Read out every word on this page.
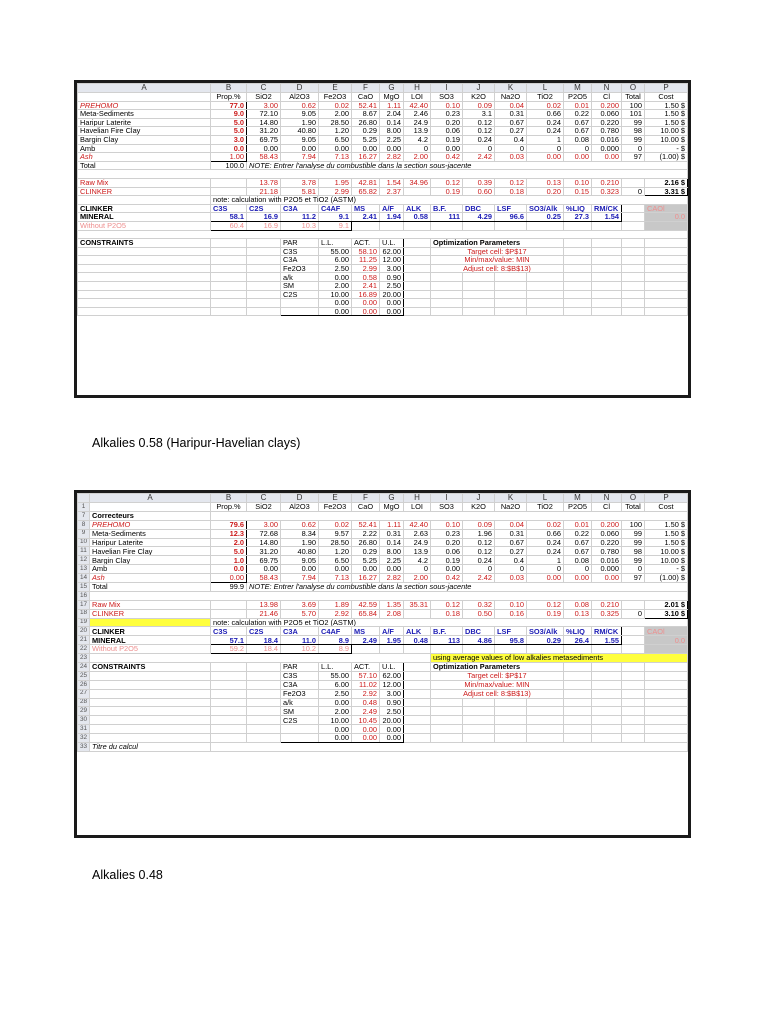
A	B	C	D	E	F	G	H	I	J	K	L	M	N	O	P
	Prop.%	SiO2	Al2O3	Fe2O3	CaO	MgO	LOI	SO3	K2O	Na2O	TiO2	P2O5	Cl	Total	Cost
PREHOMO	77.0	3.00	0.62	0.02	52.41	1.11	42.40	0.10	0.09	0.04	0.02	0.01	0.200	100	1.50 $
Meta-Sediments	9.0	72.10	9.05	2.00	8.67	2.04	2.46	0.23	3.1	0.31	0.66	0.22	0.060	101	1.50 $
Haripur Laterite	5.0	14.80	1.90	28.50	26.80	0.14	24.9	0.20	0.12	0.67	0.24	0.67	0.220	99	1.50 $
Havelian Fire Clay	5.0	31.20	40.80	1.20	0.29	8.00	13.9	0.06	0.12	0.27	0.24	0.67	0.780	98	10.00 $
Bargin Clay	3.0	69.75	9.05	6.50	5.25	2.25	4.2	0.19	0.24	0.4	1	0.08	0.016	99	10.00 $
Amb	0.0	0.00	0.00	0.00	0.00	0.00	0	0.00	0	0	0	0	0.000	0	- $
Ash	1.00	58.43	7.94	7.13	16.27	2.82	2.00	0.42	2.42	0.03	0.00	0.00	0.00	97	(1.00) $
Total	100.0	NOTE: Entrer l'analyse du combustible dans la section sous-jacente													

Raw Mix		13.78	3.78	1.95	42.81	1.54	34.96	0.12	0.39	0.12	0.13	0.10	0.210		2.16 $
CLINKER		21.18	5.81	2.99	65.82	2.37		0.19	0.60	0.18	0.20	0.15	0.323	0	3.31 $
	note: calculation with P2O5 et TiO2 (ASTM)														
CLINKER	C3S	C2S	C3A	C4AF	MS	A/F	ALK	B.F.	DBC	LSF	SO3/Alk	%LIQ	RM/CK		CAOl
MINERAL	58.1	16.9	11.2	9.1	2.41	1.94	0.58	111	4.29	96.6	0.25	27.3	1.54		0.0
Without P2O5	60.4	16.9	10.3	9.1											

CONSTRAINTS			PAR	L.L.	ACT.	U.L.		Optimization Parameters							
			C3S	55.00	58.10	62.00		Target cell: $P$17							
			C3A	6.00	11.25	12.00		Min/max/value: MIN							
			Fe2O3	2.50	2.99	3.00		Adjust cell: 8:$B$13)							
			a/k	0.00	0.58	0.90									
			SM	2.00	2.41	2.50									
			C2S	10.00	16.89	20.00									
				0.00	0.00	0.00									
				0.00	0.00	0.00									
Alkalies 0.58 (Haripur-Havelian clays)
	A	B	C	D	E	F	G	H	I	J	K	L	M	N	O	P
1		Prop.%	SiO2	Al2O3	Fe2O3	CaO	MgO	LOI	SO3	K2O	Na2O	TiO2	P2O5	Cl	Total	Cost
7	Correcteurs															
8	PREHOMO	79.6	3.00	0.62	0.02	52.41	1.11	42.40	0.10	0.09	0.04	0.02	0.01	0.200	100	1.50 $
9	Meta-Sediments	12.3	72.68	8.34	9.57	2.22	0.31	2.63	0.23	1.96	0.31	0.66	0.22	0.060	99	1.50 $
10	Haripur Laterite	2.0	14.80	1.90	28.50	26.80	0.14	24.9	0.20	0.12	0.67	0.24	0.67	0.220	99	1.50 $
11	Havelian Fire Clay	5.0	31.20	40.80	1.20	0.29	8.00	13.9	0.06	0.12	0.27	0.24	0.67	0.780	98	10.00 $
12	Bargin Clay	1.0	69.75	9.05	6.50	5.25	2.25	4.2	0.19	0.24	0.4	1	0.08	0.016	99	10.00 $
13	Amb	0.0	0.00	0.00	0.00	0.00	0.00	0	0.00	0	0	0	0	0.000	0	- $
14	Ash	0.00	58.43	7.94	7.13	16.27	2.82	2.00	0.42	2.42	0.03	0.00	0.00	0.00	97	(1.00) $
15	Total	99.9	NOTE: Entrer l'analyse du combustible dans la section sous-jacente													
16																
17	Raw Mix		13.98	3.69	1.89	42.59	1.35	35.31	0.12	0.32	0.10	0.12	0.08	0.210		2.01 $
18	CLINKER		21.46	5.70	2.92	65.84	2.08		0.18	0.50	0.16	0.19	0.13	0.325	0	3.10 $
19		note: calculation with P2O5 et TiO2 (ASTM)														
20	CLINKER	C3S	C2S	C3A	C4AF	MS	A/F	ALK	B.F.	DBC	LSF	SO3/Alk	%LIQ	RM/CK		CAOl
21	MINERAL	57.1	18.4	11.0	8.9	2.49	1.95	0.48	113	4.86	95.8	0.29	26.4	1.55		0.0
22	Without P2O5	59.2	18.4	10.2	8.9											
23									using average values of low alkalies metasediments							
24	CONSTRAINTS			PAR	L.L.	ACT.	U.L.		Optimization Parameters							
25				C3S	55.00	57.10	62.00		Target cell: $P$17							
26				C3A	6.00	11.02	12.00		Min/max/value: MIN							
27				Fe2O3	2.50	2.92	3.00		Adjust cell: 8:$B$13)							
28				a/k	0.00	0.48	0.90									
29				SM	2.00	2.49	2.50									
30				C2S	10.00	10.45	20.00									
31					0.00	0.00	0.00									
32					0.00	0.00	0.00									
33	Titre du calcul															
Alkalies 0.48
